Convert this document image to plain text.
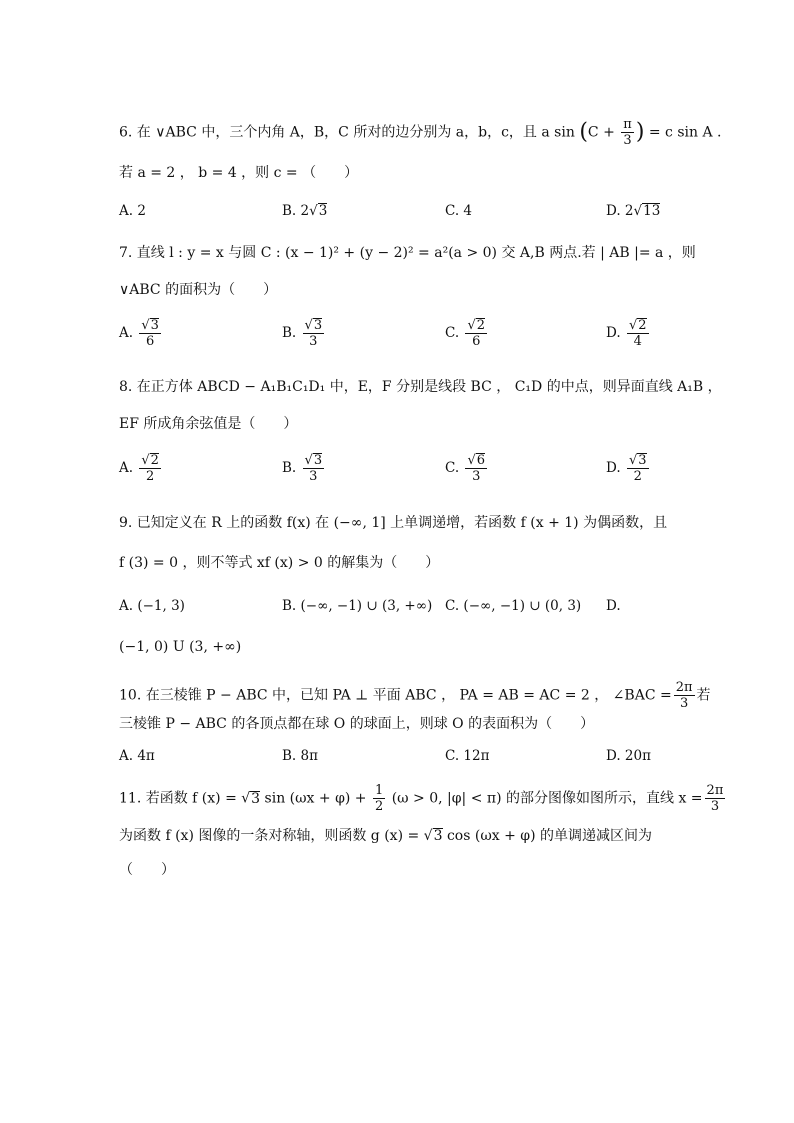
6. 在 ∨ABC 中，三个内角 A，B，C 所对的边分别为 a，b，c，且 a $\sin (C + \frac{\pi}{3}$ ) = c sin A .
若 a = 2 ， b = 4 ，则 c = （　　）
A. 2	B. 2√3	C. 4	D. 2√13
7. 直线 l : y = x 与圆 C : (x − 1)² + (y − 2)² = a²(a > 0) 交 A,B 两点.若 | AB |= a ，则
∨ABC 的面积为（　　）
A. $\frac{√3}{6}$	B. $\frac{√3}{3}$	C. $\frac{√2}{6}$	D. $\frac{√2}{4}$
8. 在正方体 ABCD − A₁B₁C₁D₁ 中，E，F 分别是线段 BC ， C₁D 的中点，则异面直线 A₁B ，
EF 所成角余弦值是（　　）
A. $\frac{√2}{2}$	B. $\frac{√3}{3}$	C. $\frac{√6}{3}$	D. $\frac{√3}{2}$
9. 已知定义在 R 上的函数 f(x) 在 (−∞, 1] 上单调递增，若函数 f (x + 1) 为偶函数，且
f (3) = 0 ，则不等式 xf (x) > 0 的解集为（　　）
A. (−1, 3)	B. (−∞, −1) ∪ (3, +∞) C. (−∞, −1) ∪ (0, 3) D.
(−1, 0) U (3, +∞)
10. 在三棱锥 P − ABC 中，已知 PA ⊥ 平面 ABC ， PA = AB = AC = 2 ， ∠BAC = $\frac{2\pi}{3}$ 若
三棱锥 P − ABC 的各顶点都在球 O 的球面上，则球 O 的表面积为（　　）
A. 4π	B. 8π	C. 12π	D. 20π
11. 若函数 f (x) = √3 $\sin (\omega x + \varphi) + \frac{1}{2} (\omega > 0$, |φ| < π) 的部分图像如图所示，直线 $x = \frac{2\pi}{3}$
为函数 f (x) 图像的一条对称轴，则函数 g (x) = √3 cos (ωx + φ) 的单调递减区间为
（　　）
